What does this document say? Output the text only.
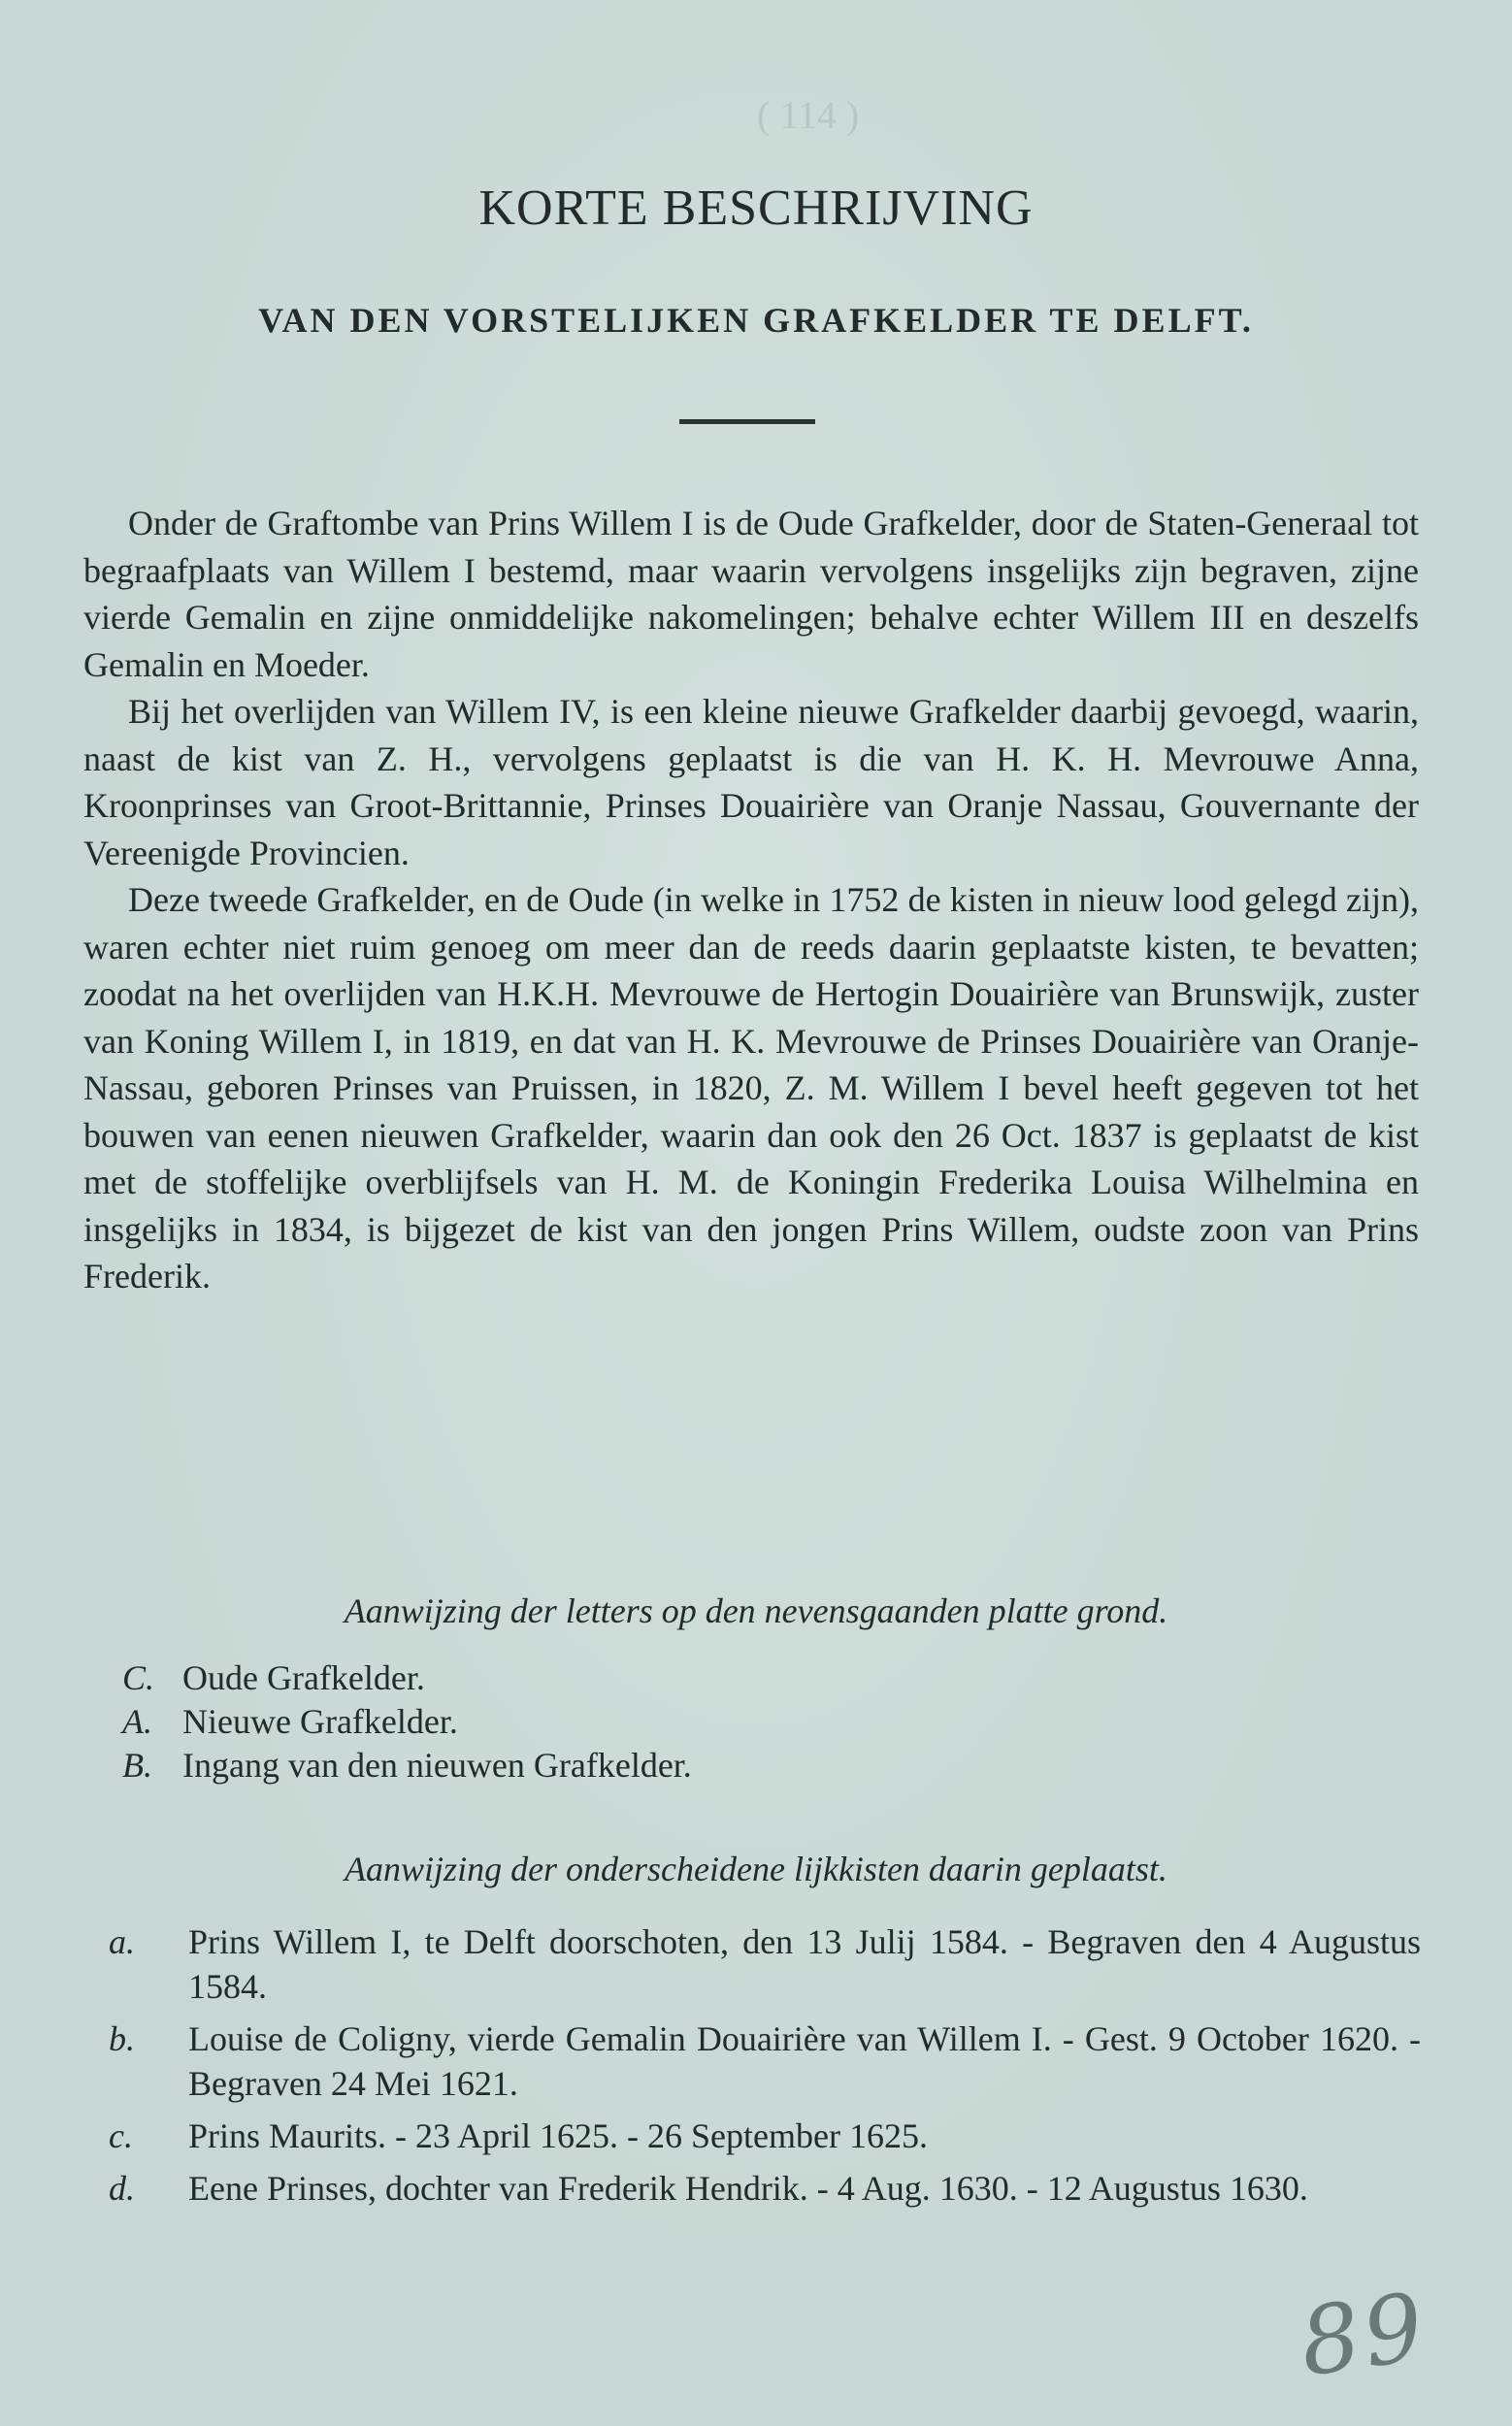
( 114 )
KORTE BESCHRIJVING
VAN DEN VORSTELIJKEN GRAFKELDER TE DELFT.

Onder de Graftombe van Prins Willem I is de Oude Grafkelder, door de Staten-Generaal tot begraafplaats van Willem I bestemd, maar waarin vervolgens insgelijks zijn begraven, zijne vierde Gemalin en zijne onmiddelijke nakomelingen; behalve echter Willem III en deszelfs Gemalin en Moeder.

Bij het overlijden van Willem IV, is een kleine nieuwe Grafkelder daarbij gevoegd, waarin, naast de kist van Z. H., vervolgens geplaatst is die van H. K. H. Mevrouwe Anna, Kroonprinses van Groot-Brittannie, Prinses Douairière van Oranje Nassau, Gouvernante der Vereenigde Provincien.

Deze tweede Grafkelder, en de Oude (in welke in 1752 de kisten in nieuw lood gelegd zijn), waren echter niet ruim genoeg om meer dan de reeds daarin geplaatste kisten, te bevatten; zoodat na het overlijden van H.K.H. Mevrouwe de Hertogin Douairière van Brunswijk, zuster van Koning Willem I, in 1819, en dat van H. K. Mevrouwe de Prinses Douairière van Oranje-Nassau, geboren Prinses van Pruissen, in 1820, Z. M. Willem I bevel heeft gegeven tot het bouwen van eenen nieuwen Grafkelder, waarin dan ook den 26 Oct. 1837 is geplaatst de kist met de stoffelijke overblijfsels van H. M. de Koningin Frederika Louisa Wilhelmina en insgelijks in 1834, is bijgezet de kist van den jongen Prins Willem, oudste zoon van Prins Frederik.

Aanwijzing der letters op den nevensgaanden platte grond.
C. Oude Grafkelder.
A. Nieuwe Grafkelder.
B. Ingang van den nieuwen Grafkelder.
Aanwijzing der onderscheidene lijkkisten daarin geplaatst.
a.	Prins Willem I, te Delft doorschoten, den 13 Julij 1584. - Begraven den 4 Augustus 1584.
b.	Louise de Coligny, vierde Gemalin Douairière van Willem I. - Gest. 9 October 1620. - Begraven 24 Mei 1621.
c.	Prins Maurits. - 23 April 1625. - 26 September 1625.
d.	Eene Prinses, dochter van Frederik Hendrik. - 4 Aug. 1630. - 12 Augustus 1630.
89
